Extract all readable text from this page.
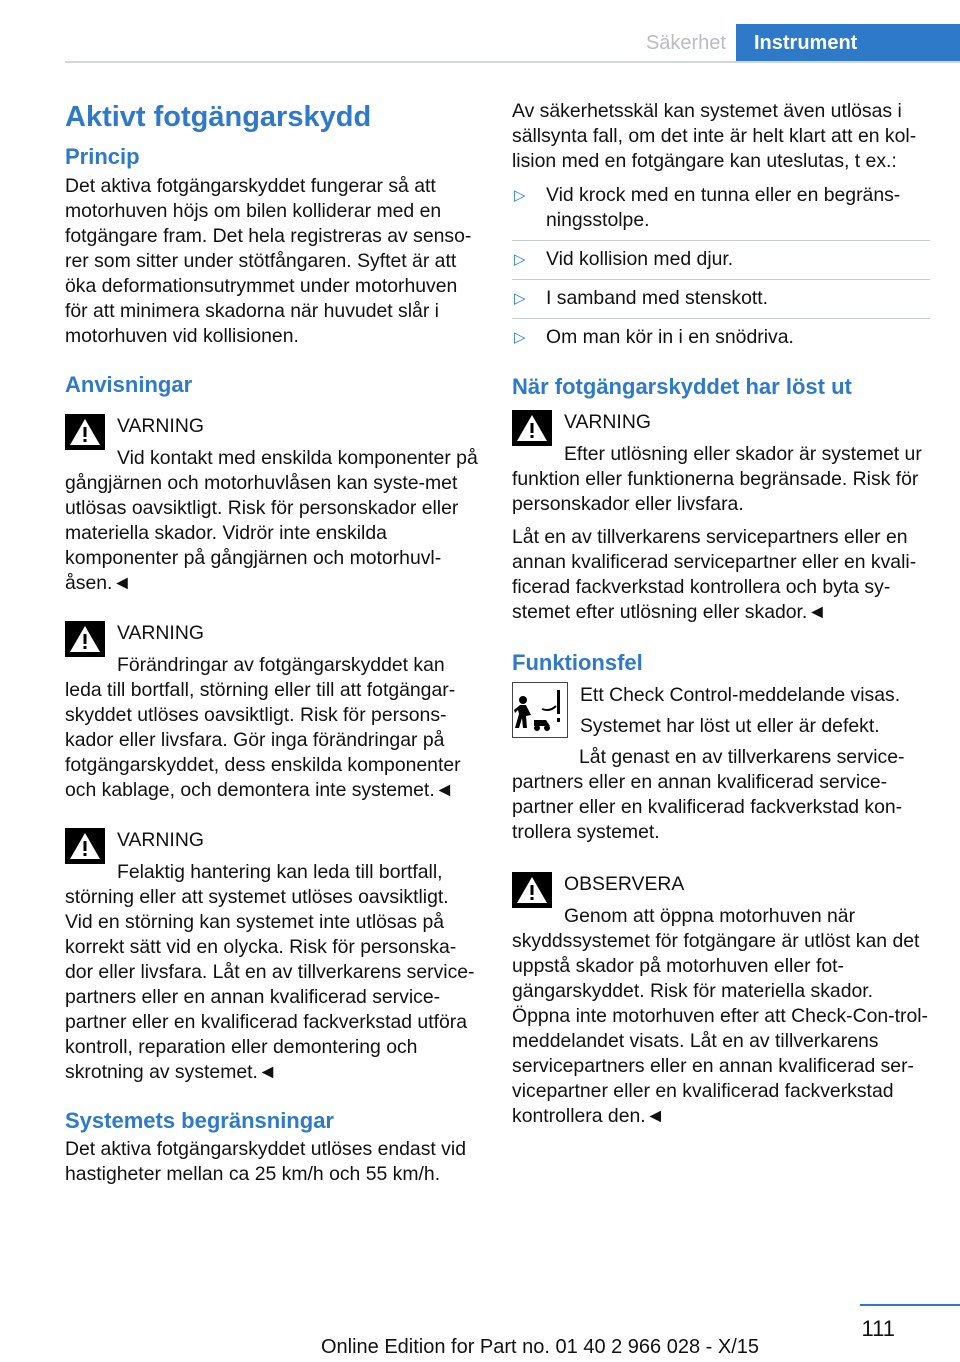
Säkerhet	Instrument
Aktivt fotgängarskydd
Princip

Det aktiva fotgängarskyddet fungerar så att motorhuven höjs om bilen kolliderar med en fotgängare fram. Det hela registreras av senso-rer som sitter under stötfångaren. Syftet är att öka deformationsutrymmet under motorhuven för att minimera skadorna när huvudet slår i motorhuven vid kollisionen.

Anvisningar
VARNING

Vid kontakt med enskilda komponenter på gångjärnen och motorhuvlåsen kan syste-met utlösas oavsiktligt. Risk för personskador eller materiella skador. Vidrör inte enskilda komponenter på gångjärnen och motorhuvl-åsen.◄

VARNING

Förändringar av fotgängarskyddet kan leda till bortfall, störning eller till att fotgängar-skyddet utlöses oavsiktligt. Risk för persons-kador eller livsfara. Gör inga förändringar på fotgängarskyddet, dess enskilda komponenter och kablage, och demontera inte systemet.◄

VARNING

Felaktig hantering kan leda till bortfall, störning eller att systemet utlöses oavsiktligt. Vid en störning kan systemet inte utlösas på korrekt sätt vid en olycka. Risk för personska-dor eller livsfara. Låt en av tillverkarens service-partners eller en annan kvalificerad service-partner eller en kvalificerad fackverkstad utföra kontroll, reparation eller demontering och skrotning av systemet.◄

Systemets begränsningar

Det aktiva fotgängarskyddet utlöses endast vid hastigheter mellan ca 25 km/h och 55 km/h.

Av säkerhetsskäl kan systemet även utlösas i sällsynta fall, om det inte är helt klart att en kol-lision med en fotgängare kan uteslutas, t ex.:

▷ Vid krock med en tunna eller en begräns-ningsstolpe.
▷ Vid kollision med djur.
▷ I samband med stenskott.
▷ Om man kör in i en snödriva.
När fotgängarskyddet har löst ut
VARNING

Efter utlösning eller skador är systemet ur funktion eller funktionerna begränsade. Risk för personskador eller livsfara.

Låt en av tillverkarens servicepartners eller en annan kvalificerad servicepartner eller en kvali-ficerad fackverkstad kontrollera och byta sy-stemet efter utlösning eller skador.◄

Funktionsfel

Ett Check Control-meddelande visas.

Systemet har löst ut eller är defekt.

Låt genast en av tillverkarens service-partners eller en annan kvalificerad service-partner eller en kvalificerad fackverkstad kon-trollera systemet.

OBSERVERA

Genom att öppna motorhuven när skyddssystemet för fotgängare är utlöst kan det uppstå skador på motorhuven eller fot-gängarskyddet. Risk för materiella skador. Öppna inte motorhuven efter att Check-Con-trol-meddelandet visats. Låt en av tillverkarens servicepartners eller en annan kvalificerad ser-vicepartner eller en kvalificerad fackverkstad kontrollera den.◄

111
Online Edition for Part no. 01 40 2 966 028 - X/15
